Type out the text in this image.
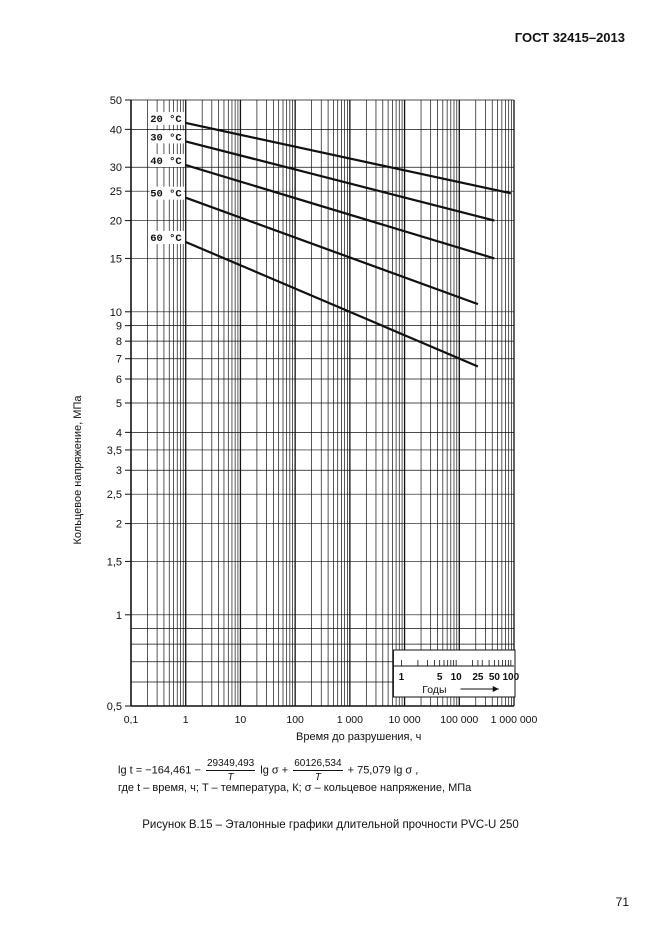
ГОСТ 32415–2013
50
40
30
25
20
15
10
9
8
7
6
5
4
3,5
3
2,5
2
1,5
1
0,5
0,1	1	10	100	1 000 10 000 100 000 1 000 000
1	5 10 25 50 100
Годы
20 °С
30 °С
40 °С
50 °С
60 °С
Кольцевое напряжение, МПа
Время до разрушения, ч
$\lg t = -164,461 - \frac{29349,493}{T}$ $\lg \sigma + \frac{60126,534}{T} + 75,079$ lg σ ,
где t – время, ч; T – температура, К; σ – кольцевое напряжение, МПа
Рисунок В.15 – Эталонные графики длительной прочности PVC-U 250
71
